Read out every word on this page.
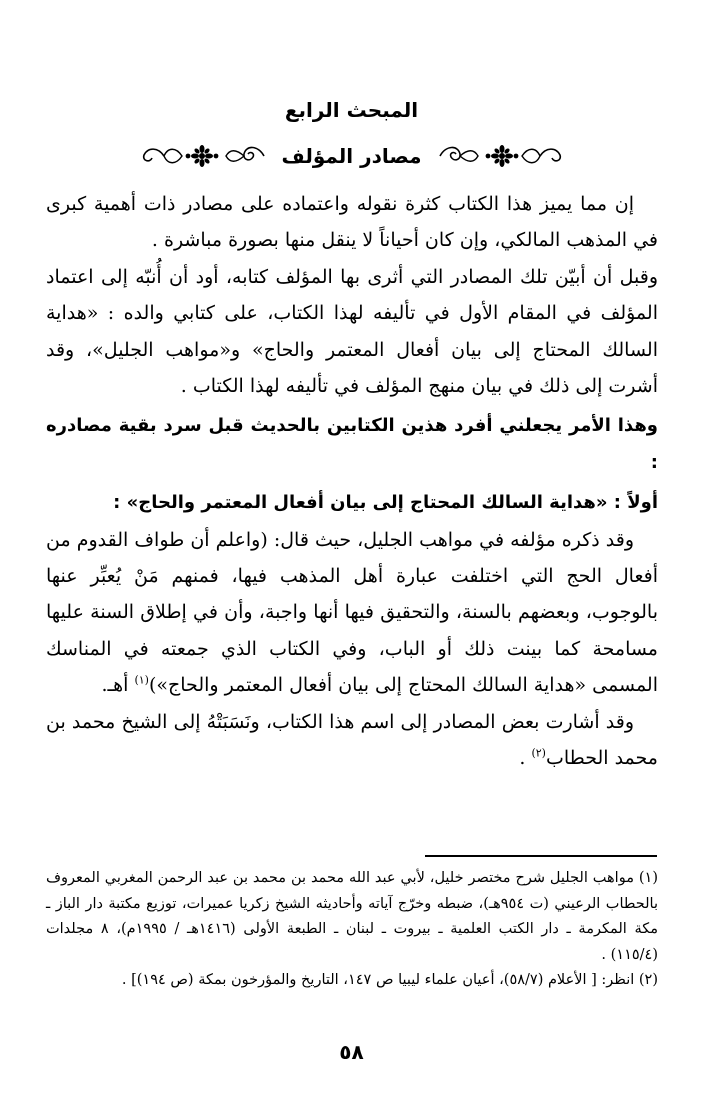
المبحث الرابع
مصادر المؤلف

إن مما يميز هذا الكتاب كثرة نقوله واعتماده على مصادر ذات أهمية كبرى في المذهب المالكي، وإن كان أحياناً لا ينقل منها بصورة مباشرة .

وقبل أن أبيّن تلك المصادر التي أثرى بها المؤلف كتابه، أود أن أُنبّه إلى اعتماد المؤلف في المقام الأول في تأليفه لهذا الكتاب، على كتابي والده : «هداية السالك المحتاج إلى بيان أفعال المعتمر والحاج» و«مواهب الجليل»، وقد أشرت إلى ذلك في بيان منهج المؤلف في تأليفه لهذا الكتاب .

وهذا الأمر يجعلني أفرد هذين الكتابين بالحديث قبل سرد بقية مصادره :

أولاً : «هداية السالك المحتاج إلى بيان أفعال المعتمر والحاج» :

وقد ذكره مؤلفه في مواهب الجليل، حيث قال: (واعلم أن طواف القدوم من أفعال الحج التي اختلفت عبارة أهل المذهب فيها، فمنهم مَنْ يُعبِّر عنها بالوجوب، وبعضهم بالسنة، والتحقيق فيها أنها واجبة، وأن في إطلاق السنة عليها مسامحة كما بينت ذلك أو الباب، وفي الكتاب الذي جمعته في المناسك المسمى «هداية السالك المحتاج إلى بيان أفعال المعتمر والحاج»)$^{(١)}$ أهـ.

وقد أشارت بعض المصادر إلى اسم هذا الكتاب، ونَسَبَتْهُ إلى الشيخ محمد بن محمد الحطاب$^{(٢)}$ .

(١) مواهب الجليل شرح مختصر خليل، لأبي عبد الله محمد بن محمد بن عبد الرحمن المغربي المعروف بالحطاب الرعيني (ت ٩٥٤هـ)، ضبطه وخرّج آياته وأحاديثه الشيخ زكريا عميرات، توزيع مكتبة دار الباز ـ مكة المكرمة ـ دار الكتب العلمية ـ بيروت ـ لبنان ـ الطبعة الأولى (١٤١٦هـ / ١٩٩٥م)، ٨ مجلدات (١١٥/٤) .

(٢) انظر: [ الأعلام (٥٨/٧)، أعيان علماء ليبيا ص ١٤٧، التاريخ والمؤرخون بمكة (ص ١٩٤)] .

٥٨
